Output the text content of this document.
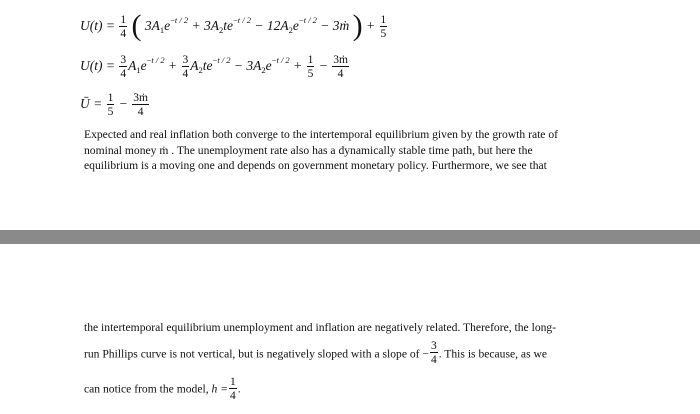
$U(t) = \frac{1}{4}$ ( $3A_1e^{-t / 2} + 3A_2te^{-t / 2} - 12A_2e^{-t / 2}$ − 3ṁ ) + $\frac{1}{5}$
$U(t) = \frac{3}{4} A_1e^{-t / 2} + \frac{3}{4} A_2te^{-t / 2} - 3A_2e^{-t / 2} + \frac{1}{5} - \frac{\text{3ṁ}}{4}$
Ū = $\frac{1}{5} - \frac{\text{3ṁ}}{4}$
Expected and real inflation both converge to the intertemporal equilibrium given by the growth rate of nominal money ṁ . The unemployment rate also has a dynamically stable time path, but here the equilibrium is a moving one and depends on government monetary policy. Furthermore, we see that
the intertemporal equilibrium unemployment and inflation are negatively related. Therefore, the long-
run Phillips curve is not vertical, but is negatively sloped with a slope of − $\frac{3}{4}$ . This is because, as we
can notice from the model, $h = \frac{1}{4}$ .
